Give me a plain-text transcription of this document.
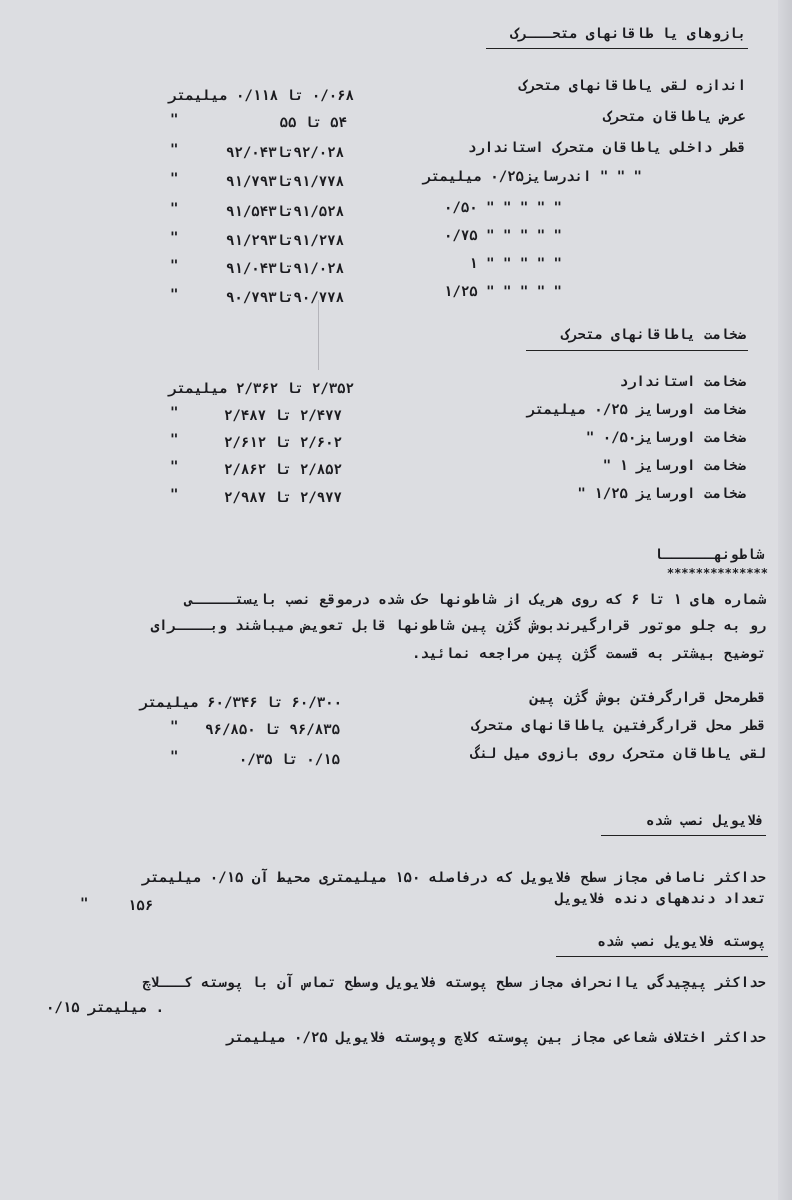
بازوهای یا طاقانهای متحـــرک
اندازه لقی یاطاقانهای متحرک
۰/۰۶۸ تا ۰/۱۱۸ میلیمتر
عرض یاطاقان متحرک
۵۴ تا ۵۵
"
قطر داخلی یاطاقان متحرک استاندارد
۹۲/۰۲۸تا۹۲/۰۴۳
"
" " " اندرسایز۰/۲۵ میلیمتر
۹۱/۷۷۸تا۹۱/۷۹۳
"
" " " " " ۰/۵۰
۹۱/۵۲۸تا۹۱/۵۴۳
"
" " " " " ۰/۷۵
۹۱/۲۷۸تا۹۱/۲۹۳
"
" " " " " ۱
۹۱/۰۲۸تا۹۱/۰۴۳
"
" " " " " ۱/۲۵
۹۰/۷۷۸تا۹۰/۷۹۳
"
ضخامت یاطاقانهای متحرک
ضخامت استاندارد
۲/۳۵۲ تا ۲/۳۶۲ میلیمتر
ضخامت اورسایز ۰/۲۵ میلیمتر
۲/۴۷۷ تا ۲/۴۸۷
"
ضخامت اورسایز۰/۵۰ "
۲/۶۰۲ تا ۲/۶۱۲
"
ضخامت اورسایز ۱ "
۲/۸۵۲ تا ۲/۸۶۲
"
ضخامت اورسایز ۱/۲۵ "
۲/۹۷۷ تا ۲/۹۸۷
"
شاطونهــــــا
**************
شماره های ۱ تا ۶ که روی هریک از شاطونها حک شده درموقع نصب بایستـــــی
رو به جلو موتور قرارگیرندبوش گژن پین شاطونها قابل تعویض میباشند وبــــرای
توضیح بیشتر به قسمت گژن پین مراجعه نمائید.
قطرمحل قرارگرفتن بوش گژن پین
۶۰/۳۰۰ تا ۶۰/۳۴۶ میلیمتر
قطر محل قرارگرفتین یاطاقانهای متحرک
۹۶/۸۳۵ تا ۹۶/۸۵۰
"
لقی یاطاقان متحرک روی بازوی میل لنگ
۰/۱۵ تا ۰/۳۵
"
فلایویل نصب شده
حداکثر ناصافی مجاز سطح فلایویل که درفاصله ۱۵۰ میلیمتری محیط آن ۰/۱۵ میلیمتر
تعداد دندههای دنده فلایویل
۱۵۶
"
پوسته فلایویل نصب شده
حداکثر پیچیدگی یاانحراف مجاز سطح پوسته فلایویل وسطح تماس آن با پوسته کـــلاچ
۰/۱۵ میلیمتر .
حداکثر اختلاف شعاعی مجاز بین پوسته کلاچ وپوسته فلایویل ۰/۲۵ میلیمتر
